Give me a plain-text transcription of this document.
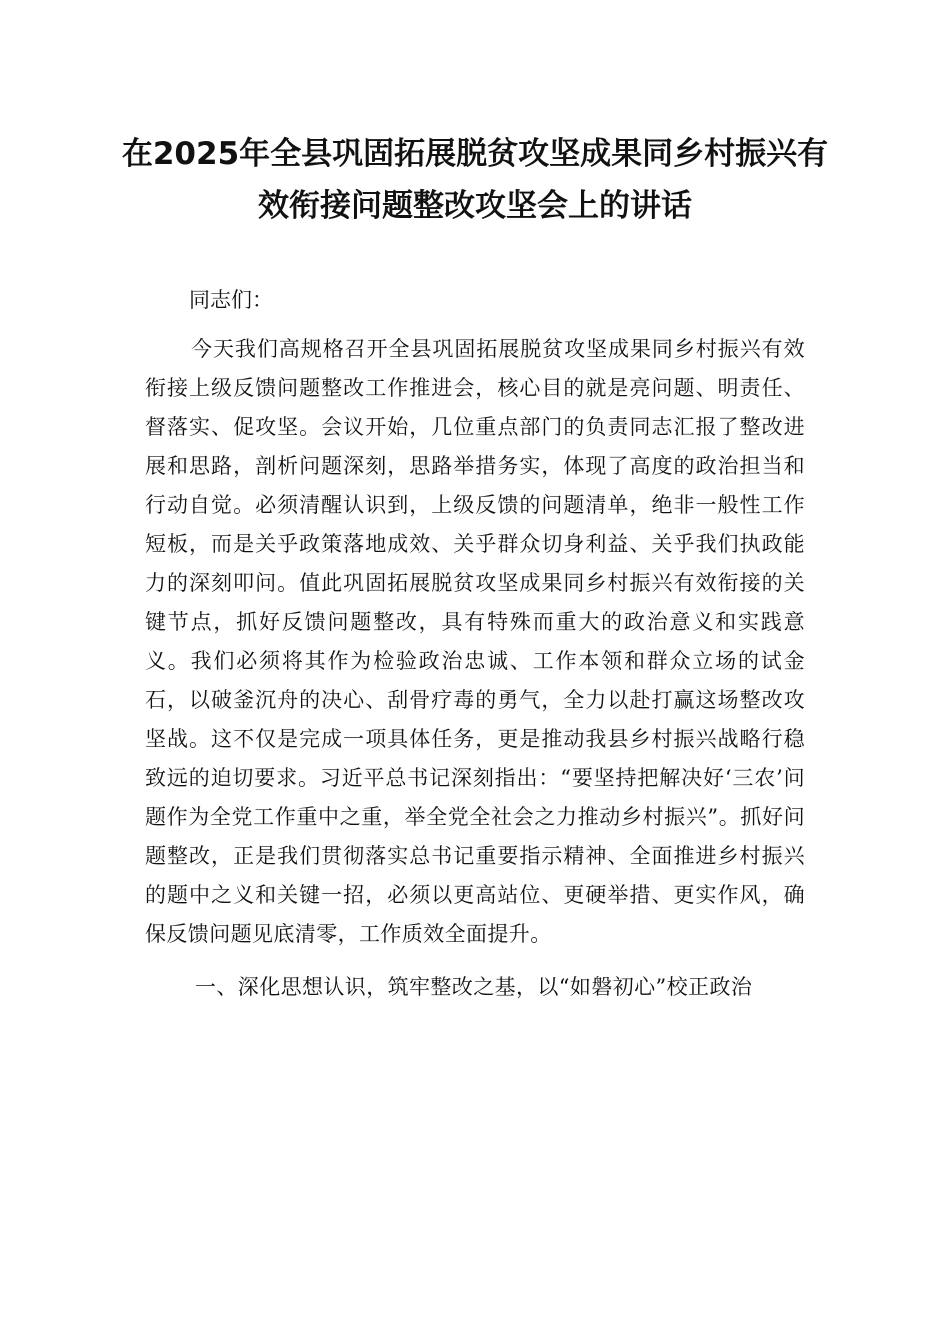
在2025年全县巩固拓展脱贫攻坚成果同乡村振兴有效衔接问题整改攻坚会上的讲话

同志们：

今天我们高规格召开全县巩固拓展脱贫攻坚成果同乡村振兴有效衔接上级反馈问题整改工作推进会，核心目的就是亮问题、明责任、督落实、促攻坚。会议开始，几位重点部门的负责同志汇报了整改进展和思路，剖析问题深刻，思路举措务实，体现了高度的政治担当和行动自觉。必须清醒认识到，上级反馈的问题清单，绝非一般性工作短板，而是关乎政策落地成效、关乎群众切身利益、关乎我们执政能力的深刻叩问。值此巩固拓展脱贫攻坚成果同乡村振兴有效衔接的关键节点，抓好反馈问题整改，具有特殊而重大的政治意义和实践意义。我们必须将其作为检验政治忠诚、工作本领和群众立场的试金石，以破釜沉舟的决心、刮骨疗毒的勇气，全力以赴打赢这场整改攻坚战。这不仅是完成一项具体任务，更是推动我县乡村振兴战略行稳致远的迫切要求。习近平总书记深刻指出：“要坚持把解决好‘三农’问题作为全党工作重中之重，举全党全社会之力推动乡村振兴”。抓好问题整改，正是我们贯彻落实总书记重要指示精神、全面推进乡村振兴的题中之义和关键一招，必须以更高站位、更硬举措、更实作风，确保反馈问题见底清零，工作质效全面提升。

一、深化思想认识，筑牢整改之基，以“如磐初心”校正政治
